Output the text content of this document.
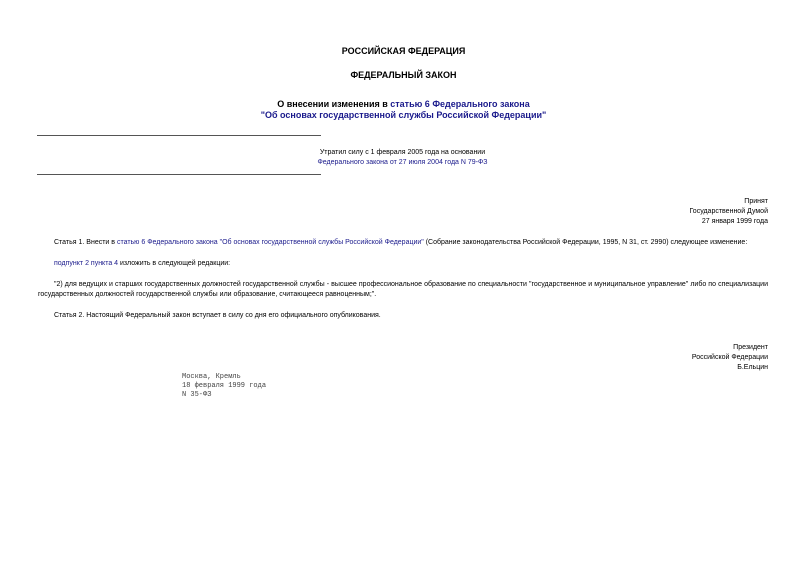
РОССИЙСКАЯ ФЕДЕРАЦИЯ
ФЕДЕРАЛЬНЫЙ ЗАКОН
О внесении изменения в статью 6 Федерального закона
"Об основах государственной службы Российской Федерации"
Утратил силу с 1 февраля 2005 года на основании
Федерального закона от 27 июля 2004 года N 79-ФЗ
Принят
Государственной Думой
27 января 1999 года
Статья 1. Внести в статью 6 Федерального закона "Об основах государственной службы Российской Федерации" (Собрание законодательства Российской Федерации, 1995, N 31, ст. 2990) следующее изменение:
подпункт 2 пункта 4 изложить в следующей редакции:
"2) для ведущих и старших государственных должностей государственной службы - высшее профессиональное образование по специальности "государственное и муниципальное управление" либо по специализации государственных должностей государственной службы или образование, считающееся равноценным;".
Статья 2. Настоящий Федеральный закон вступает в силу со дня его официального опубликования.
Президент
Российской Федерации
Б.Ельцин
Москва, Кремль
18 февраля 1999 года
N 35-ФЗ
